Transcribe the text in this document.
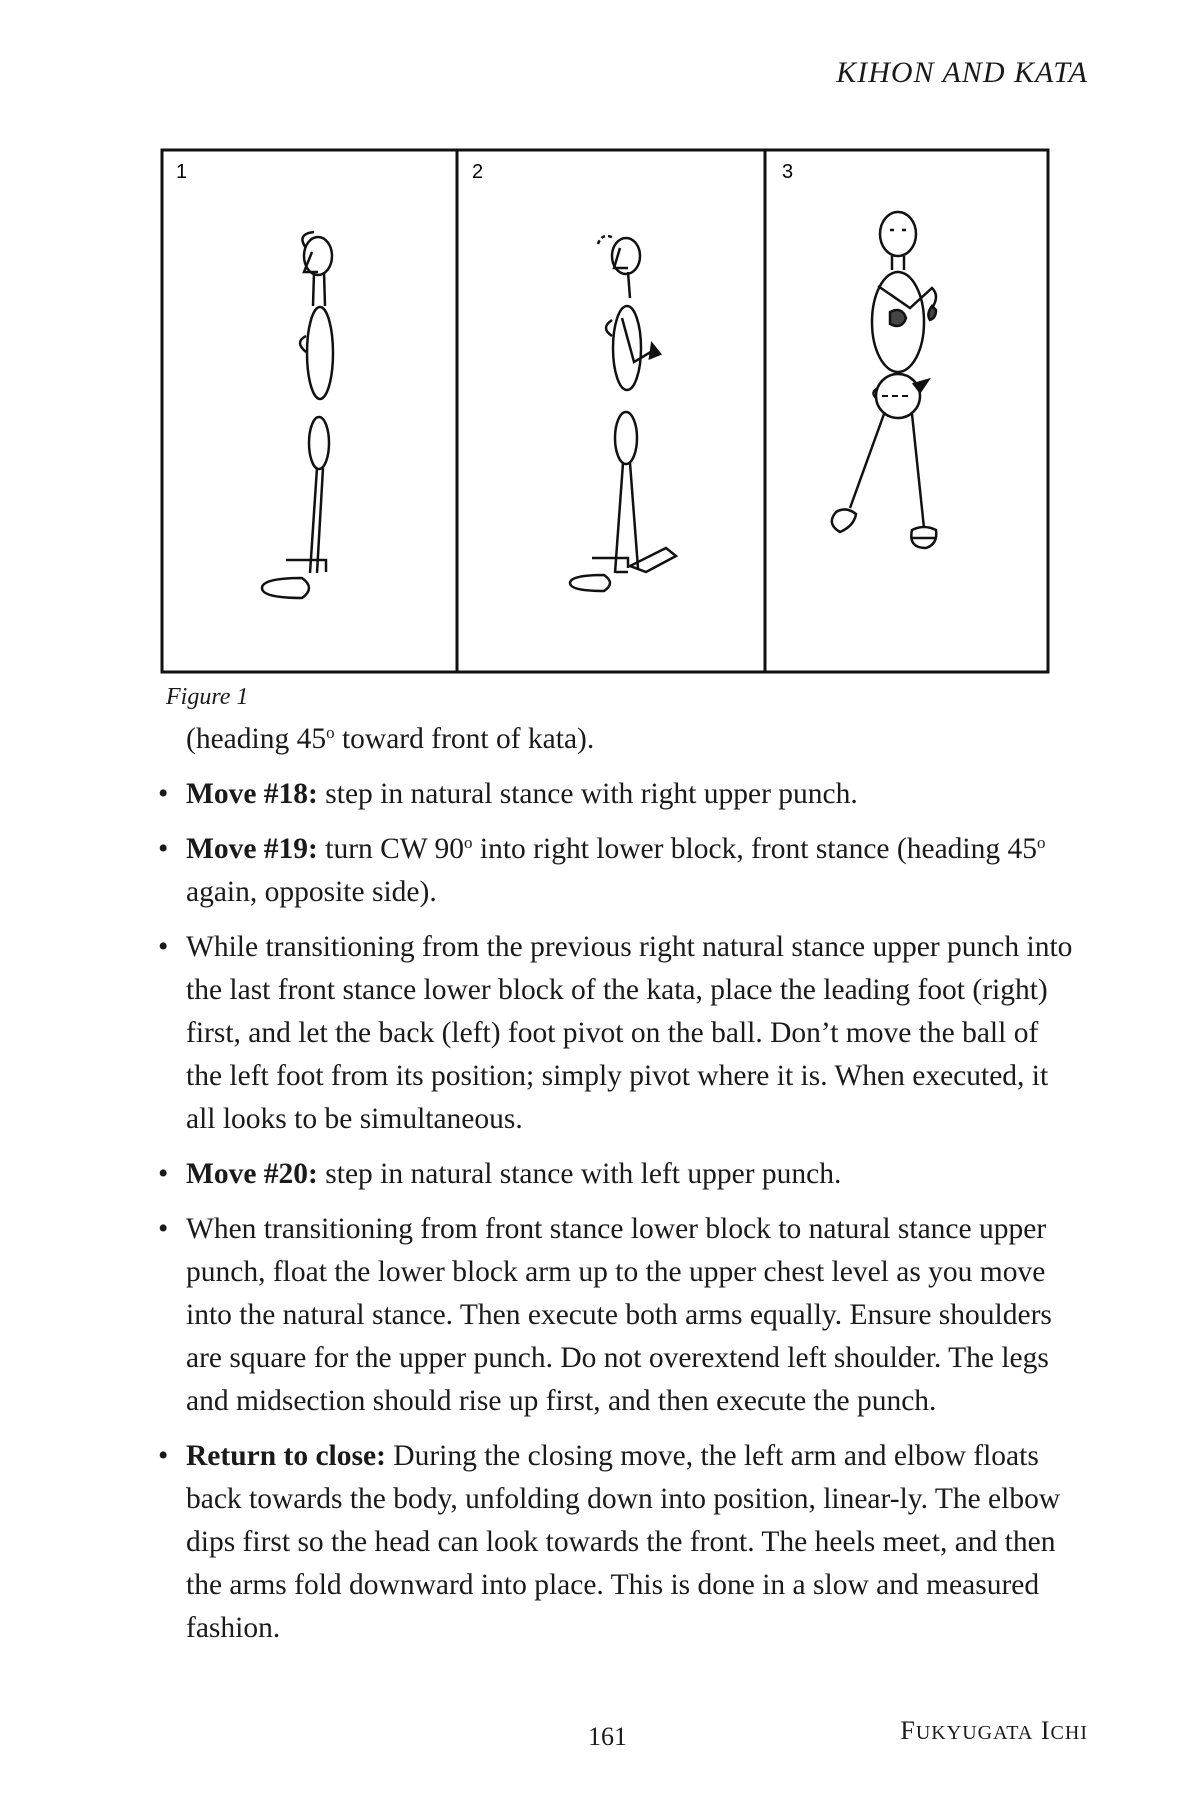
KIHON AND KATA
1	2	3
Figure 1

(heading 45$^o$ toward front of kata).

• Move #18: step in natural stance with right upper punch.
• Move #19: turn CW 90$^o$ into right lower block, front stance (heading 45$^o$ again, opposite side).
• While transitioning from the previous right natural stance upper punch into the last front stance lower block of the kata, place the leading foot (right) first, and let the back (left) foot pivot on the ball. Don’t move the ball of the left foot from its position; simply pivot where it is. When executed, it all looks to be simultaneous.
• Move #20: step in natural stance with left upper punch.
• When transitioning from front stance lower block to natural stance upper punch, float the lower block arm up to the upper chest level as you move into the natural stance. Then execute both arms equally. Ensure shoulders are square for the upper punch. Do not overextend left shoulder. The legs and midsection should rise up first, and then execute the punch.
• Return to close: During the closing move, the left arm and elbow floats back towards the body, unfolding down into position, linear-ly. The elbow dips first so the head can look towards the front. The heels meet, and then the arms fold downward into place. This is done in a slow and measured fashion.
161	FUKYUGATA ICHI
